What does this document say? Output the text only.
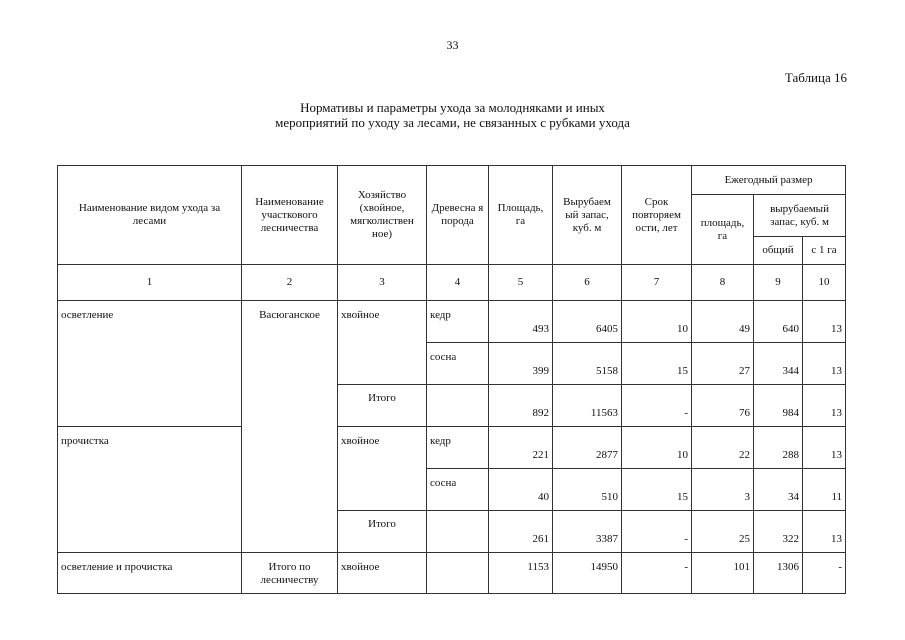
33
Таблица 16
Нормативы и параметры ухода за молодняками и иных
мероприятий по уходу за лесами, не связанных с рубками ухода
Наименование видом ухода за лесами	Наименование участкового лесничества	Хозяйство (хвойное, мягколиствен ное)	Древесна я порода	Площадь, га	Вырубаем ый запас, куб. м	Срок повторяем ости, лет	Ежегодный размер		
							площадь, га	вырубаемый запас, куб. м	
								общий	с 1 га
1	2	3	4	5	6	7	8	9	10
осветление	Васюганское	хвойное	кедр	493	6405	10	49	640	13
			сосна	399	5158	15	27	344	13
		Итого		892	11563	-	76	984	13
прочистка		хвойное	кедр	221	2877	10	22	288	13
			сосна	40	510	15	3	34	11
		Итого		261	3387	-	25	322	13
осветление и прочистка	Итого по лесничеству	хвойное		1153	14950	-	101	1306	-
